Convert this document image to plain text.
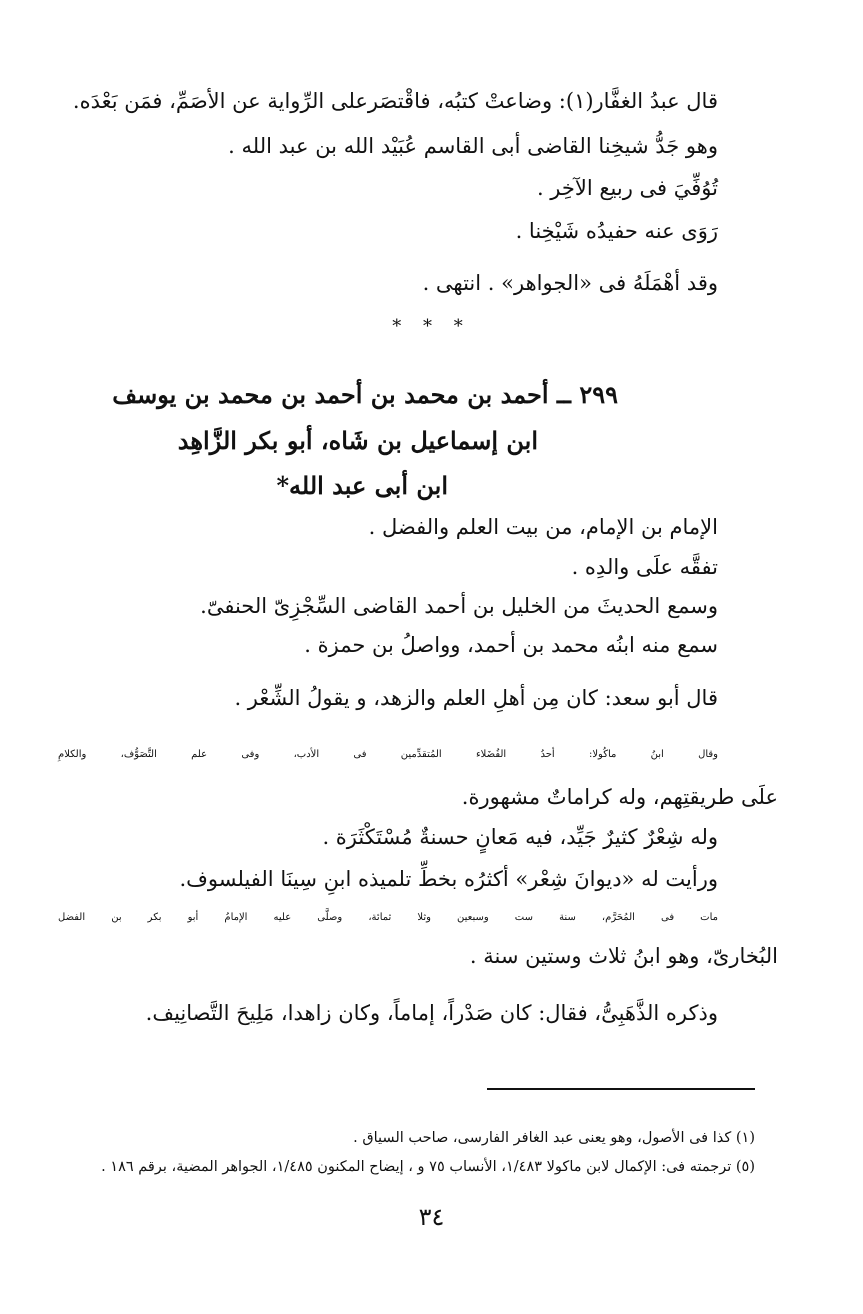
قال عبدُ الغفَّار(١): وضاعتْ كتبُه، فاقْتصَرعلى الرِّواية عن الأصَمِّ، فمَن بَعْدَه.
وهو جَدُّ شيخِنا القاضى أبى القاسم عُبَيْد الله بن عبد الله .
تُوُفِّيَ فى ربيع الآخِر .
رَوَى عنه حفيدُه شَيْخِنا .
وقد أهْمَلَهُ فى «الجواهر» . انتهى .
* * *
٢٩٩ ــ أحمد بن محمد بن أحمد بن محمد بن يوسف
ابن إسماعيل بن شَاه، أبو بكر الزَّاهِد
ابن أبى عبد الله*
الإمام بن الإمام، من بيت العلم والفضل .
تفقَّه علَى والدِه .
وسمع الحديثَ من الخليل بن أحمد القاضى السِّجْزِىّ الحنفىّ.
سمع منه ابنُه محمد بن أحمد، وواصلُ بن حمزة .
قال أبو سعد: كان مِن أهلِ العلم والزهد، و يقولُ الشِّعْر .
وقال ابنُ ماكُولا: أحدُ الفُضَلاء المُتقدِّمين فى الأدب، وفى علم التَّصَوُّف، والكلامِ
علَى طريقتِهم، وله كراماتٌ مشهورة.
وله شِعْرٌ كثيرٌ جَيِّد، فيه مَعانٍ حسنةٌ مُسْتَكْثَرَة .
ورأيت له «ديوانَ شِعْر» أكثرُه بخطِّ تلميذه ابنِ سِينَا الفيلسوف.
مات فى المُحَرَّم، سنة ست وسبعين وثلا ثمائة، وصلَّى عليه الإمامُ أبو بكر بن الفضل
البُخارىّ، وهو ابنُ ثلاث وستين سنة .
وذكره الذَّهَبِىُّ، فقال: كان صَدْراً، إماماً، وكان زاهدا، مَلِيحَ التَّصانِيف.
(١) كذا فى الأصول، وهو يعنى عبد الغافر الفارسى، صاحب السياق .
(٥) ترجمته فى: الإكمال لابن ماكولا ١/٤٨٣، الأنساب ٧٥ و ، إيضاح المكنون ١/٤٨٥، الجواهر المضية، برقم ١٨٦ .
٣٤
